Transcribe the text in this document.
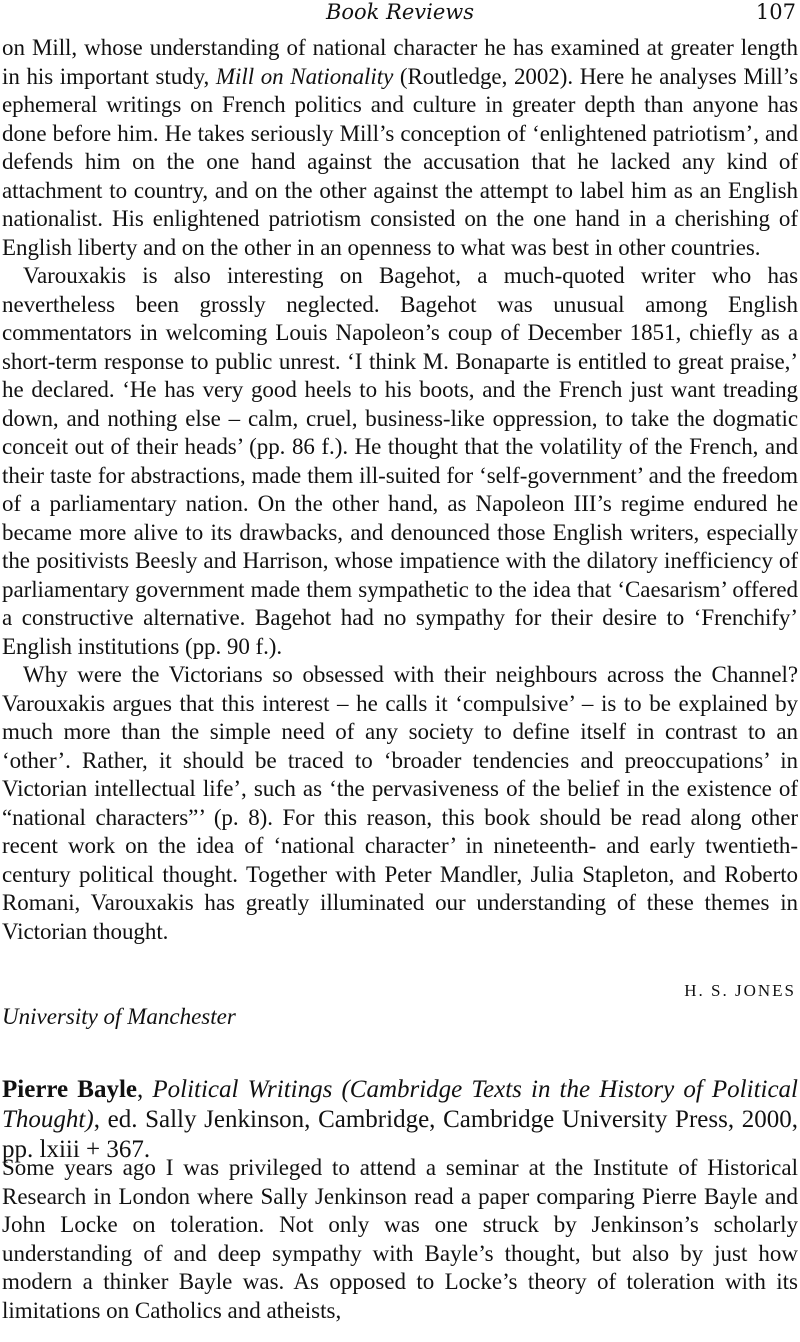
Book Reviews	107

on Mill, whose understanding of national character he has examined at greater length in his important study, Mill on Nationality (Routledge, 2002). Here he analyses Mill’s ephemeral writings on French politics and culture in greater depth than anyone has done before him. He takes seriously Mill’s conception of ‘enlightened patriotism’, and defends him on the one hand against the accusation that he lacked any kind of attachment to country, and on the other against the attempt to label him as an English nationalist. His enlightened patriotism consisted on the one hand in a cherishing of English liberty and on the other in an openness to what was best in other countries.

Varouxakis is also interesting on Bagehot, a much-quoted writer who has nevertheless been grossly neglected. Bagehot was unusual among English commentators in welcoming Louis Napoleon’s coup of December 1851, chiefly as a short-term response to public unrest. ‘I think M. Bonaparte is entitled to great praise,’ he declared. ‘He has very good heels to his boots, and the French just want treading down, and nothing else – calm, cruel, business-like oppression, to take the dogmatic conceit out of their heads’ (pp. 86 f.). He thought that the volatility of the French, and their taste for abstractions, made them ill-suited for ‘self-government’ and the freedom of a parliamentary nation. On the other hand, as Napoleon III’s regime endured he became more alive to its drawbacks, and denounced those English writers, especially the positivists Beesly and Harrison, whose impatience with the dilatory inefficiency of parliamentary government made them sympathetic to the idea that ‘Caesarism’ offered a constructive alternative. Bagehot had no sympathy for their desire to ‘Frenchify’ English institutions (pp. 90 f.).

Why were the Victorians so obsessed with their neighbours across the Channel? Varouxakis argues that this interest – he calls it ‘compulsive’ – is to be explained by much more than the simple need of any society to define itself in contrast to an ‘other’. Rather, it should be traced to ‘broader tendencies and preoccupations’ in Victorian intellectual life’, such as ‘the pervasiveness of the belief in the existence of “national characters”’ (p. 8). For this reason, this book should be read along other recent work on the idea of ‘national character’ in nineteenth- and early twentieth-century political thought. Together with Peter Mandler, Julia Stapleton, and Roberto Romani, Varouxakis has greatly illuminated our understanding of these themes in Victorian thought.

H. S. JONES
University of Manchester
Pierre Bayle, Political Writings (Cambridge Texts in the History of Political Thought), ed. Sally Jenkinson, Cambridge, Cambridge University Press, 2000, pp. lxiii + 367.

Some years ago I was privileged to attend a seminar at the Institute of Historical Research in London where Sally Jenkinson read a paper comparing Pierre Bayle and John Locke on toleration. Not only was one struck by Jenkinson’s scholarly understanding of and deep sympathy with Bayle’s thought, but also by just how modern a thinker Bayle was. As opposed to Locke’s theory of toleration with its limitations on Catholics and atheists,
